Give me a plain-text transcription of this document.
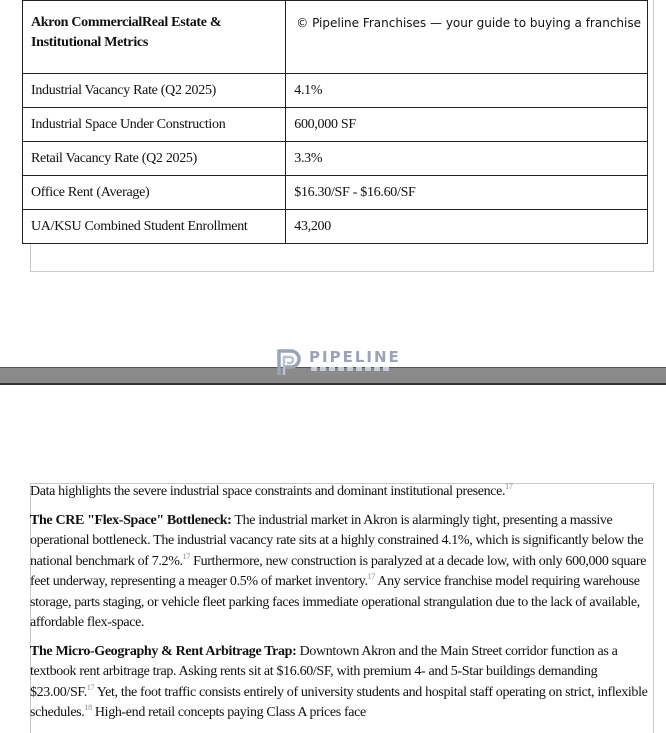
Akron CommercialReal Estate & Institutional Metrics	© Pipeline Franchises — your guide to buying a franchise
Industrial Vacancy Rate (Q2 2025)	4.1%
Industrial Space Under Construction	600,000 SF
Retail Vacancy Rate (Q2 2025)	3.3%
Office Rent (Average)	$16.30/SF - $16.60/SF
UA/KSU Combined Student Enrollment	43,200
PIPELINE

Data highlights the severe industrial space constraints and dominant institutional presence.$^{17}$

The CRE "Flex-Space" Bottleneck: The industrial market in Akron is alarmingly tight, presenting a massive operational bottleneck. The industrial vacancy rate sits at a highly constrained 4.1%, which is significantly below the national benchmark of 7.2%.$^{17}$ Furthermore, new construction is paralyzed at a decade low, with only 600,000 square feet underway, representing a meager 0.5% of market inventory.$^{17}$ Any service franchise model requiring warehouse storage, parts staging, or vehicle fleet parking faces immediate operational strangulation due to the lack of available, affordable flex-space.

The Micro-Geography & Rent Arbitrage Trap: Downtown Akron and the Main Street corridor function as a textbook rent arbitrage trap. Asking rents sit at $16.60/SF, with premium 4- and 5-Star buildings demanding $23.00/SF.$^{17}$ Yet, the foot traffic consists entirely of university students and hospital staff operating on strict, inflexible schedules.$^{18}$ High-end retail concepts paying Class A prices face
